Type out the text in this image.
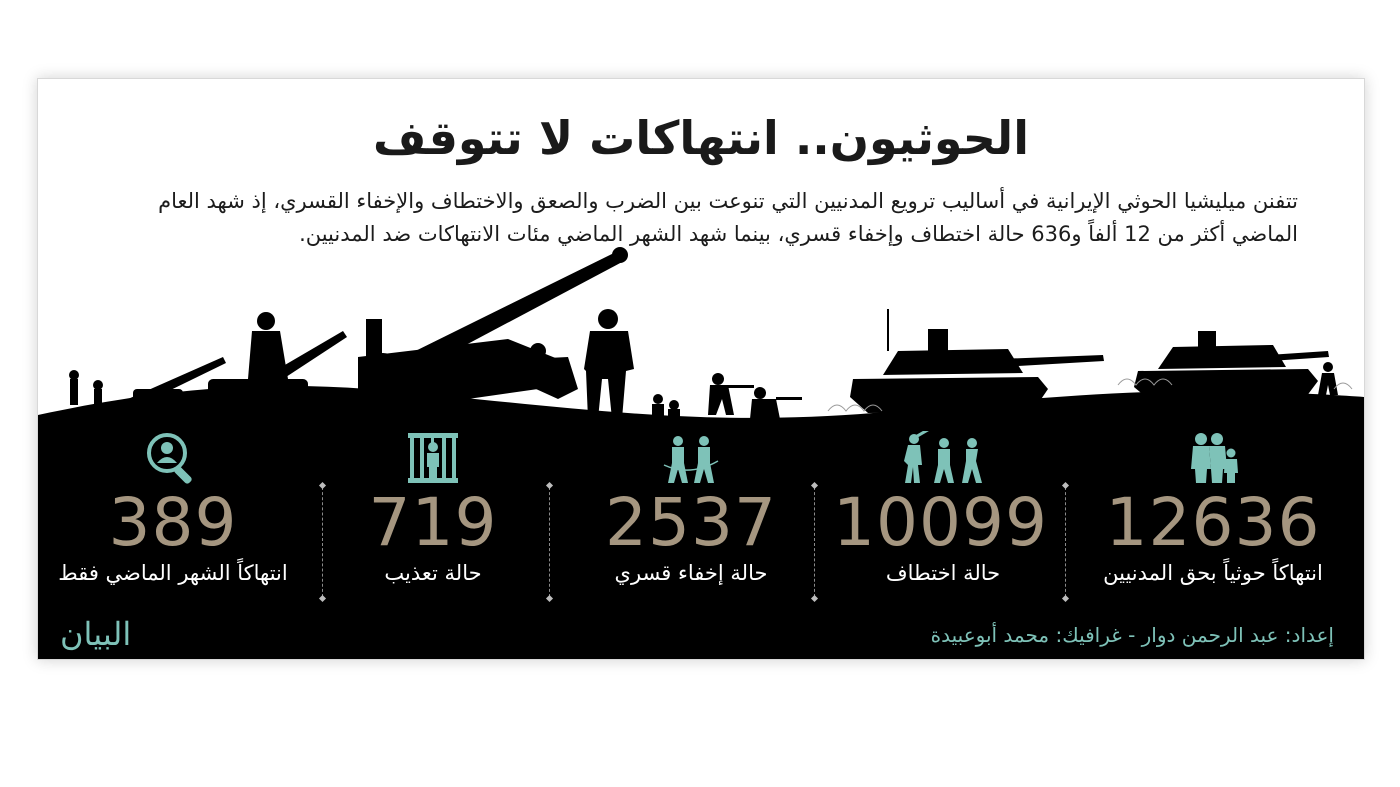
الحوثيون.. انتهاكات لا تتوقف

تتفنن ميليشيا الحوثي الإيرانية في أساليب ترويع المدنيين التي تنوعت بين الضرب والصعق والاختطاف والإخفاء القسري، إذ شهد العام الماضي أكثر من 12 ألفاً و636 حالة اختطاف وإخفاء قسري، بينما شهد الشهر الماضي مئات الانتهاكات ضد المدنيين.

12636
انتهاكاً حوثياً بحق المدنيين
10099
حالة اختطاف
2537
حالة إخفاء قسري
719
حالة تعذيب
389
انتهاكاً الشهر الماضي فقط
إعداد: عبد الرحمن دوار - غرافيك: محمد أبوعبيدة
البيان
